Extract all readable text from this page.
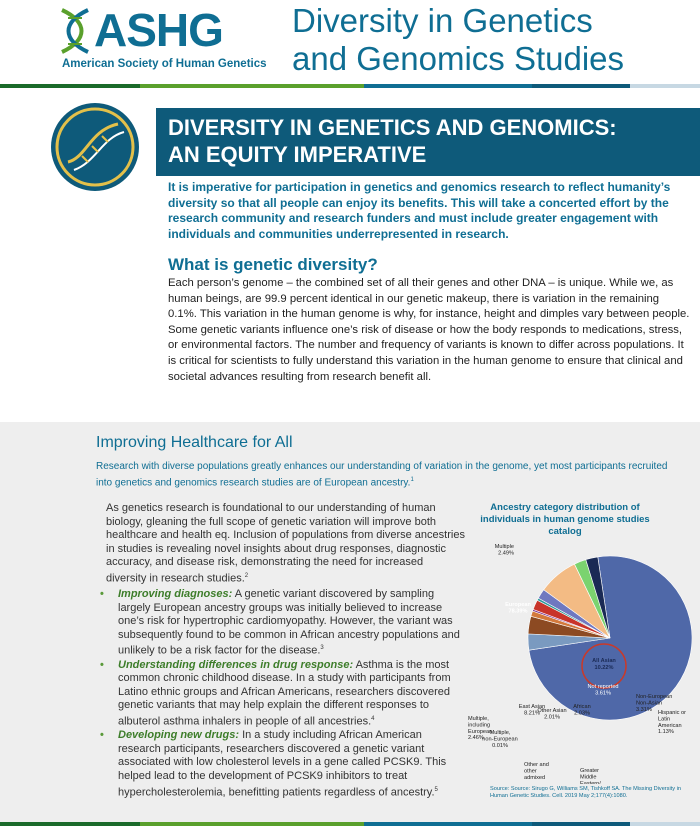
ASHG
American Society of Human Genetics
Diversity in Genetics
and Genomics Studies
DIVERSITY IN GENETICS AND GENOMICS:
AN EQUITY IMPERATIVE

It is imperative for participation in genetics and genomics research to reflect humanity’s diversity so that all people can enjoy its benefits. This will take a concerted effort by the research community and research funders and must include greater engagement with individuals and communities underrepresented in research.

What is genetic diversity?

Each person’s genome – the combined set of all their genes and other DNA – is unique. While we, as human beings, are 99.9 percent identical in our genetic makeup, there is variation in the remaining 0.1%. This variation in the human genome is why, for instance, height and dimples vary between people. Some genetic variants influence one’s risk of disease or how the body responds to medications, stress, or environmental factors. The number and frequency of variants is known to differ across populations. It is critical for scientists to fully understand this variation in the human genome to ensure that clinical and societal advances resulting from research benefit all.

Improving Healthcare for All

Research with diverse populations greatly enhances our understanding of variation in the genome, yet most participants recruited into genetics and genomics research studies are of European ancestry.$^1$

As genetics research is foundational to our understanding of human biology, gleaning the full scope of genetic variation will improve both healthcare and health eq. Inclusion of populations from diverse ancestries in studies is revealing novel insights about drug responses, diagnostic accuracy, and disease risk, demonstrating the need for increased diversity in research studies.$^2$

• Improving diagnoses: A genetic variant discovered by sampling largely European ancestry groups was initially believed to increase one’s risk for hypertrophic cardiomyopathy. However, the variant was subsequently found to be common in African ancestry populations and unlikely to be a risk factor for the disease.$^3$
• Understanding differences in drug response: Asthma is the most common chronic childhood disease. In a study with participants from Latino ethnic groups and African Americans, researchers discovered genetic variants that may help explain the different responses to albuterol asthma inhalers in people of all ancestries.$^4$
• Developing new drugs: In a study including African American research participants, researchers discovered a genetic variant associated with low cholesterol levels in a gene called PCSK9. This helped lead to the development of PCSK9 inhibitors to treat hypercholesterolemia, benefitting patients regardless of ancestry.$^5$

Ancestry category distribution of individuals in human genome studies catalog

European
78.39%
Non-European
Non-Asian
3.31%
Not reported
3.61%
Hispanic or
Latin
American
1.13%
Greater
Middle
Eastern/
African
2.03%
Other and
other
admixed
Other Asian
2.01%
East Asian
8.21%
Multiple,
non-European
0.01%
Multiple,
including
European
2.46%
Multiple
2.49%
All Asian
10.22%

Source: Source: Sirugo G, Williams SM, Tishkoff SA. The Missing Diversity in Human Genetic Studies. Cell. 2019 May 2;177(4):1080.
